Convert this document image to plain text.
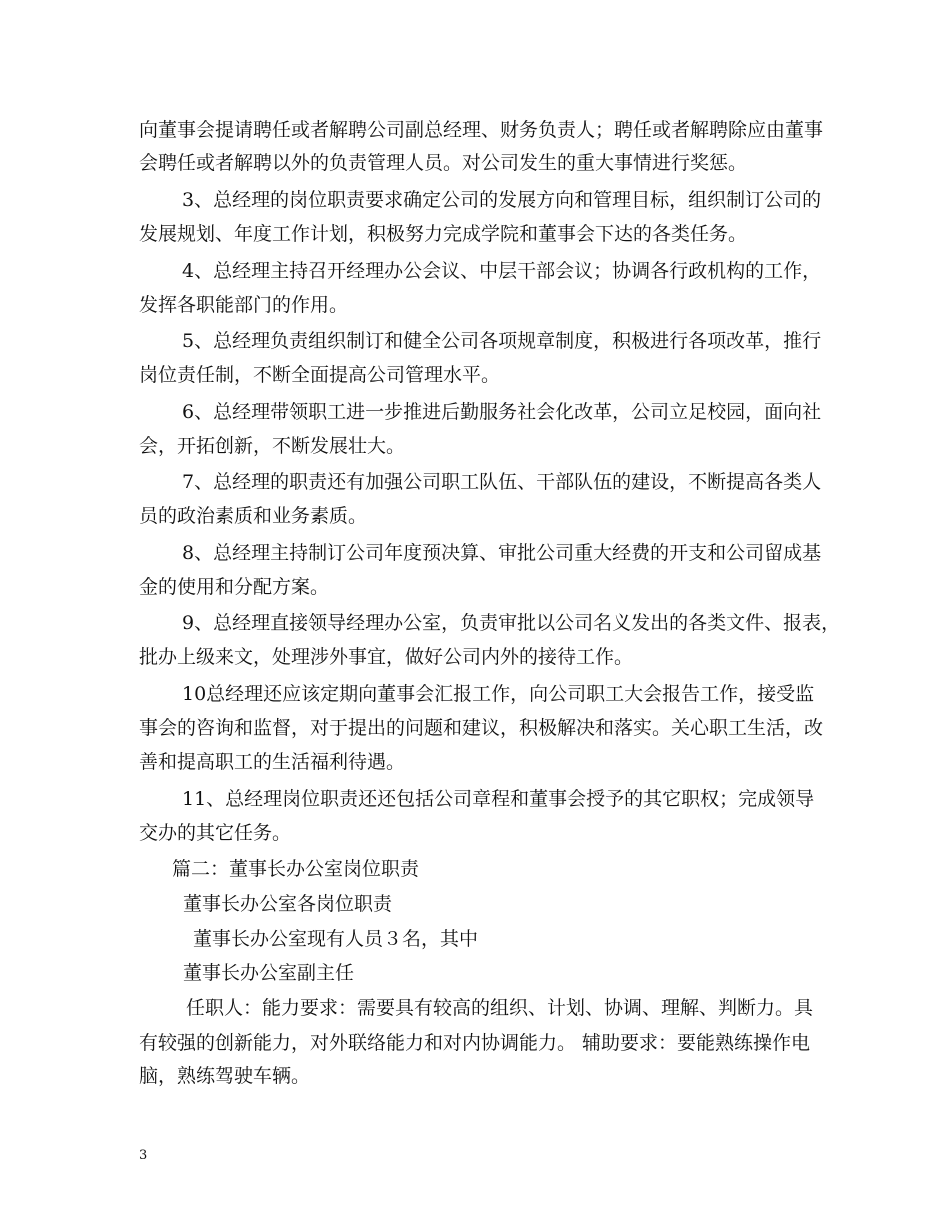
向董事会提请聘任或者解聘公司副总经理、财务负责人；聘任或者解聘除应由董事
会聘任或者解聘以外的负责管理人员。对公司发生的重大事情进行奖惩。
3、总经理的岗位职责要求确定公司的发展方向和管理目标，组织制订公司的
发展规划、年度工作计划，积极努力完成学院和董事会下达的各类任务。
4、总经理主持召开经理办公会议、中层干部会议；协调各行政机构的工作，
发挥各职能部门的作用。
5、总经理负责组织制订和健全公司各项规章制度，积极进行各项改革，推行
岗位责任制，不断全面提高公司管理水平。
6、总经理带领职工进一步推进后勤服务社会化改革，公司立足校园，面向社
会，开拓创新，不断发展壮大。
7、总经理的职责还有加强公司职工队伍、干部队伍的建设，不断提高各类人
员的政治素质和业务素质。
8、总经理主持制订公司年度预决算、审批公司重大经费的开支和公司留成基
金的使用和分配方案。
9、总经理直接领导经理办公室，负责审批以公司名义发出的各类文件、报表，
批办上级来文，处理涉外事宜，做好公司内外的接待工作。
10总经理还应该定期向董事会汇报工作，向公司职工大会报告工作，接受监
事会的咨询和监督，对于提出的问题和建议，积极解决和落实。关心职工生活，改
善和提高职工的生活福利待遇。
11、总经理岗位职责还还包括公司章程和董事会授予的其它职权；完成领导
交办的其它任务。
篇二：董事长办公室岗位职责
董事长办公室各岗位职责
董事长办公室现有人员３名，其中
董事长办公室副主任
任职人：能力要求：需要具有较高的组织、计划、协调、理解、判断力。具
有较强的创新能力，对外联络能力和对内协调能力。 辅助要求：要能熟练操作电
脑，熟练驾驶车辆。
3
